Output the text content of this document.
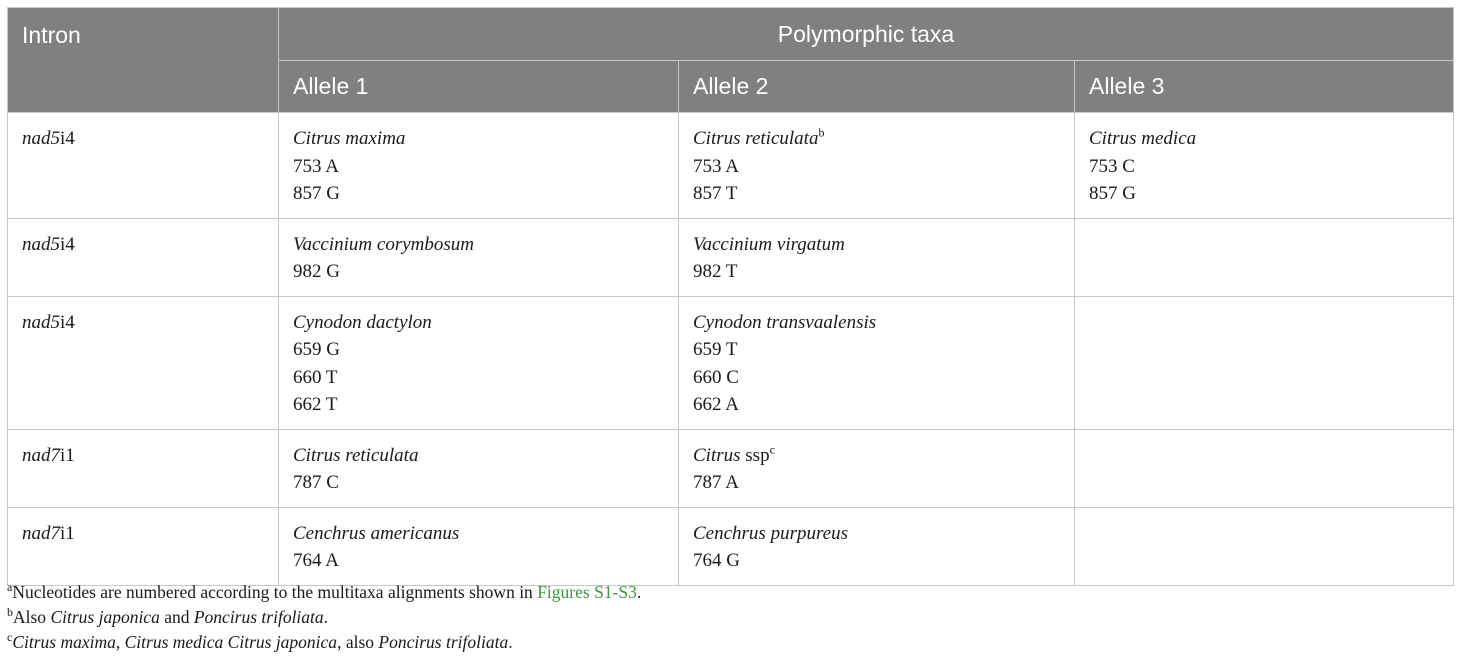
Intron	Polymorphic taxa		
	Allele 1	Allele 2	Allele 3
nad5i4	Citrus maxima
753 A
857 G	Citrus reticulata$^b$
753 A
857 T	Citrus medica
753 C
857 G

nad5i4	Vaccinium corymbosum
982 G	Vaccinium virgatum
982 T	

nad5i4	Cynodon dactylon
659 G
660 T
662 T	Cynodon transvaalensis
659 T
660 C
662 A	

nad7i1	Citrus reticulata
787 C	Citrus ssp$^c$
787 A	

nad7i1	Cenchrus americanus
764 A	Cenchrus purpureus
764 G	

$^a$Nucleotides are numbered according to the multitaxa alignments shown in Figures S1-S3.
$^b$Also Citrus japonica and Poncirus trifoliata.
$^c$Citrus maxima, Citrus medica Citrus japonica, also Poncirus trifoliata.
